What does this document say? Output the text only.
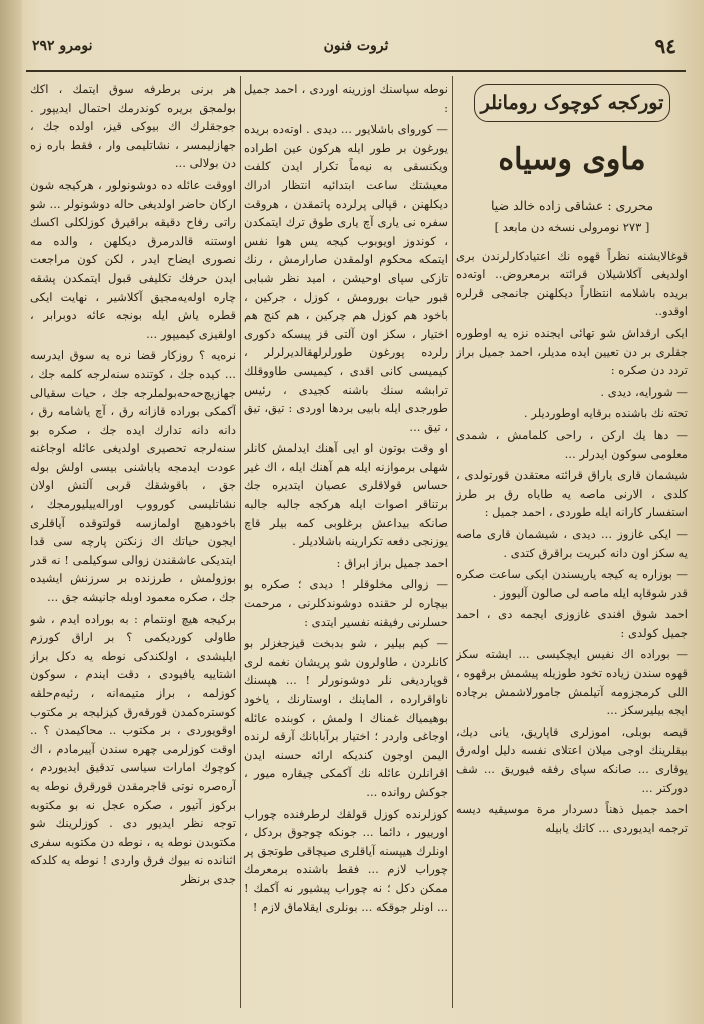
٩٤
ثروت فنون
نومرو ۲۹۲
تورکجه کوچوک رومانلر
ماوی وسیاه
محرری : عشاقی زاده خالد ضیا
[ ۲۷۳ نومرولی نسخه دن مابعد ]

قوغالایشنه نظراً قهوه نك اعتیادکارلرندن بری اولدیغی آکلاشیلان قرائته برمعروض.. اوتەده بریده باشلامه انتظاراً دیکلهنن جانمجی قرلره اوقدو..

ایکی ارقداش شو تهائی ایجنده نزه یه اوطوره جقلری بر دن تعیین ایده مدیلر، احمد جمیل براز تردد دن صکره :

— شورایه، دیدی .

تحته نك باشنده برقایه اوطوردیلر .

— دها یك ارکن ، راحی کلمامش ، شمدی معلومی سوکون ایدرلر ...

شیشمان قاری یاراق قرائته معتقدن قورتولدی ، کلدی ، الارنی ماصه یه طایاه رق بر طرز استفسار کارانه ایله طوردی ، احمد جمیل :

— ایکی غازوز ... دیدی ، شیشمان قاری ماصه یه سکز اون دانه کبریت براقرق کتدی .

— بوزاره یه کیجه یاریسندن ایکی ساعت صکره قدر شوقاپه ایله ماصه لی صالون آلیووز .

احمد شوق افندی غازوزی ایجمه دی ، احمد جمیل کولدی :

— بوراده اك نفیس ایچکیسی ... ایشته سکز قهوه سندن زیاده تخود طوزیله پیشمش برقهوه ، اللی کرمجزومه آتیلمش جامورلاشمش برچاده ایجه بیلیرسکز ...

قیصه بوبلی، اموزلری قاپاریق، یانی دیك، بیقلرینك اوجی میلان اعتلای نفسه دلیل اولەرق یوقاری ... صانکه سپای رفقه فیوریق ... شف دورکتر ...

احمد جمیل ذهناً دسردار مرة موسیقیه دیسه ترجمه ایدیوردی ... کاتك یابیله

نوطه سپاسنك اوزرینه اوردی ، احمد جمیل :

— کوروای باشلایور ... دیدی . اوتەده بریده یورغون بر طور ایله هرکون عین اطراده ویکنسقی به نیه‌ماً تکرار ایدن کلفت معیشتك ساعت ابتدائیه انتظار ادراك دیکلهنن ، قپالی پرلرده پاتمقدن ، هروقت سفره نی یاری آچ یاری طوق ترك ایتمکدن ، کوندوز اویوبوب کیجه یس هوا نفس ایتمکه محکوم اولمقدن صارارمش ، رنك تازکی سپای اوحیشن ، امید نظر شبابی قبور حیات بورومش ، کوزل ، جرکین ، باخود هم کوزل هم چرکین ، هم کنج هم اختیار ، سکز اون آلتی قز پیسکه دکوری رلرده پورغون طورلرلهقالدیرلرلر ، کیمیسی کانی اقدی ، کیمیسی طاووقلك ترابشه سنك باشنه کجیدی ، رئیس طورجدی ایله بابیی بردها اوردی : تیق، تیق ، تیق ...

او وقت بوتون او ایی آهنك ایدلمش کانلر شهلی برموازنه ایله هم آهنك ایله ، اك غیر حساس قولاقلری عصیان ایتدیره جك برتناقر اصوات ایله هرکجه جالبه جالبه صانکه بیداعش برغلوبی کمه بیلر قاچ یوزنجی دفعه تکرارینه باشلادیلر .

احمد جمیل براز ابراق :

— زوالی مخلوقلر ! دیدی ؛ صکره بو بیچاره لر حقنده دوشوندکلرنی ، مرحمت حسلرنی رفیقنه نفسیر ایتدی :

— کیم بیلیر ، شو بدبخت قیزجغزلر بو کانلردن ، طاولرون شو پریشان نغمه لری قوپاردیغی نلر دوشونورلر ! ... هپسنك ناواقرارده ، الماینك ، اوستارنك ، یاخود بوهیمیاك غمناك ا ولمش ، کوبنده عائله اوجاغی واردر ؛ اختیار برآبابانك آرقه لرنده الیمن اوجون کندیکه ارائه حسنه ایدن اقرانلرن عائله نك آکمکی چیقاره میور ، جوکش روانده ...

کوزلرنده کوزل قولقك لرطرفنده چوراب اورییور ، دائما ... جونکه چوجوق بردکل ، اونلرك هیپسنه آیاقلری صیچاقی طوتجق پر چوراب لازم ... فقط باشنده برمعرمك ممکن دکل ؛ نه چوراب پیشیور نه آکمك ! ... اونلر جوقکه ... بونلری ایقلاماق لازم !

هر برنی برطرفه سوق ایتمك ، اکك بولمجق بریره کوندرمك احتمال ایدیپور . جوجقلرك اك بیوکی قیز، اولده جك ، جهازلیمسر ، نشاتلیمی وار ، فقط باره زه دن بولالی ...

اووقت عائله ده دوشونولور ، هرکیجه شون ارکان حاضر اولدیغی حاله دوشونولر ... شو راتی رفاح دقیقه براقیرق کوزلکلی اکسك اوستنه قالدرمرق دیکلهن ، والده مه نصوری ایضاح ایدر ، لکن کون مراجعت ایدن حرفك تکلیفی قبول ایتمکدن پشقه چاره اوله‌یه‌مجیق آکلاشیر ، نهایت ایکی قطره یاش ایله بونجه عائه دوبرابر ، اولقیزی کیمیپور ...

نرەیه ؟ روزکار قضا نره یه سوق ایدرسه ... کیده جك ، کوتنده سنه‌لرجه کلمه جك ، جهازیچ‌حه‌حه‌بولملرجه جك ، حیات سقیالی آکمکی بوراده قازانه رق ، آچ یاشامه رق ، دانه دانه تدارك ایده جك ، صکره بو سنه‌لرجه تحصیری اولدیغی عائله اوجاغنه عودت ایدمجه یاباشنی بیسی اولش بوله جق ، باقوشقك قربی آلتش اولان نشاتلیسی کورووب اوراله‌ییلیورمجك ، باخودهیچ اولمازسه قولتوقده آیاقلری ایجون حیاتك اك زنکتن پارچه سی قدا ایتدیکی عاشقندن زوالی سوکیلمی ! نه قدر بوزولمش ، طرزنده بر سرزنش ایشیده جك ، صکره معمود اوبله جانیشه جق ...

برکیجه هیچ اونتمام : به بوراده ایدم ، شو طاولی کوردیکمی ؟ بر اراق کورزم ایلیشدی ، اولکندکی نوطه یه دکل براز اشتاییه یافیودی ، دقت ایندم ، سوکون کوزلمه ، براز متیمه‌انه ، رئیه‌م‌حلقه کوستره‌کمدن قورقه‌رق کیزلیجه بر مکتوب اوقویوردی ، بر مکتوب .. محاکیمدن ؟ .. اوقت کوزلرمی چهره سندن آییرمادم ، اك کوچوك امارات سیاسی تدقیق ایدیوردم ، آرەصره نوتی قاجرمقدن قورقرق نوطه ‌یه بركوز آتیور ، صکره عجل نه بو مکتوبه توجه نظر ایدیور دی . کوزلرینك شو مکتوبدن نوطه یه ، نوطه دن مکتوبه سفری اثنانده نه بیوك فرق واردی ! نوطه یه کلدکه جدی برنظر
